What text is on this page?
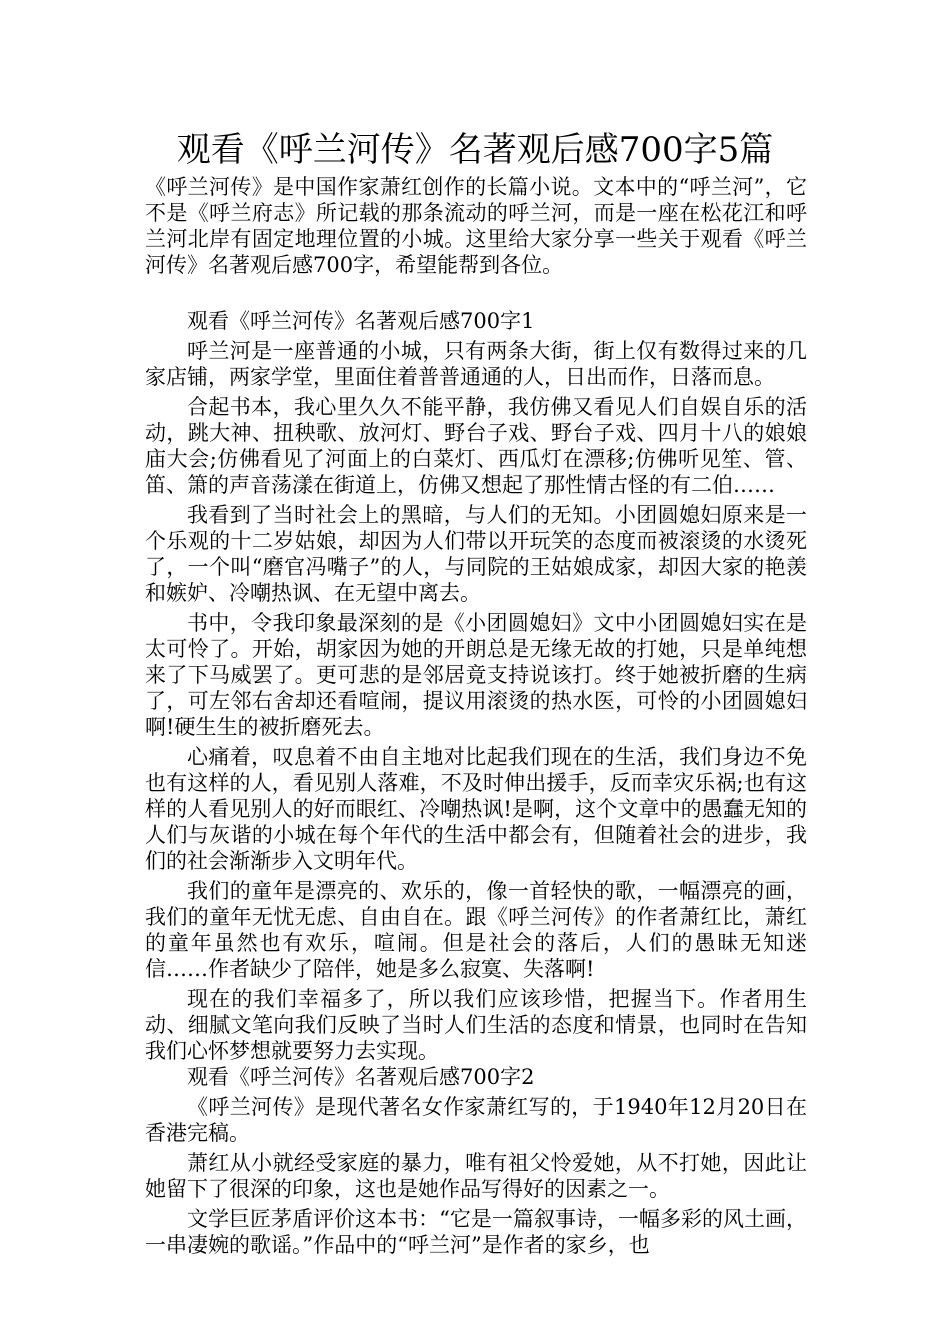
观看《呼兰河传》名著观后感700字5篇

《呼兰河传》是中国作家萧红创作的长篇小说。文本中的“呼兰河”，它不是《呼兰府志》所记载的那条流动的呼兰河，而是一座在松花江和呼兰河北岸有固定地理位置的小城。这里给大家分享一些关于观看《呼兰河传》名著观后感700字，希望能帮到各位。

观看《呼兰河传》名著观后感700字1

呼兰河是一座普通的小城，只有两条大街，街上仅有数得过来的几家店铺，两家学堂，里面住着普普通通的人，日出而作，日落而息。

合起书本，我心里久久不能平静，我仿佛又看见人们自娱自乐的活动，跳大神、扭秧歌、放河灯、野台子戏、野台子戏、四月十八的娘娘庙大会;仿佛看见了河面上的白菜灯、西瓜灯在漂移;仿佛听见笙、管、笛、箫的声音荡漾在街道上，仿佛又想起了那性情古怪的有二伯……

我看到了当时社会上的黑暗，与人们的无知。小团圆媳妇原来是一个乐观的十二岁姑娘，却因为人们带以开玩笑的态度而被滚烫的水烫死了，一个叫“磨官冯嘴子”的人，与同院的王姑娘成家，却因大家的艳羡和嫉妒、冷嘲热讽、在无望中离去。

书中，令我印象最深刻的是《小团圆媳妇》文中小团圆媳妇实在是太可怜了。开始，胡家因为她的开朗总是无缘无故的打她，只是单纯想来了下马威罢了。更可悲的是邻居竟支持说该打。终于她被折磨的生病了，可左邻右舍却还看喧闹，提议用滚烫的热水医，可怜的小团圆媳妇啊!硬生生的被折磨死去。

心痛着，叹息着不由自主地对比起我们现在的生活，我们身边不免也有这样的人，看见别人落难，不及时伸出援手，反而幸灾乐祸;也有这样的人看见别人的好而眼红、冷嘲热讽!是啊，这个文章中的愚蠢无知的人们与灰谐的小城在每个年代的生活中都会有，但随着社会的进步，我们的社会渐渐步入文明年代。

我们的童年是漂亮的、欢乐的，像一首轻快的歌，一幅漂亮的画，我们的童年无忧无虑、自由自在。跟《呼兰河传》的作者萧红比，萧红的童年虽然也有欢乐，喧闹。但是社会的落后，人们的愚昧无知迷信……作者缺少了陪伴，她是多么寂寞、失落啊!

现在的我们幸福多了，所以我们应该珍惜，把握当下。作者用生动、细腻文笔向我们反映了当时人们生活的态度和情景，也同时在告知我们心怀梦想就要努力去实现。

观看《呼兰河传》名著观后感700字2

《呼兰河传》是现代著名女作家萧红写的，于1940年12月20日在香港完稿。

萧红从小就经受家庭的暴力，唯有祖父怜爱她，从不打她，因此让她留下了很深的印象，这也是她作品写得好的因素之一。

文学巨匠茅盾评价这本书：“它是一篇叙事诗，一幅多彩的风土画，一串凄婉的歌谣。”作品中的“呼兰河”是作者的家乡，也
